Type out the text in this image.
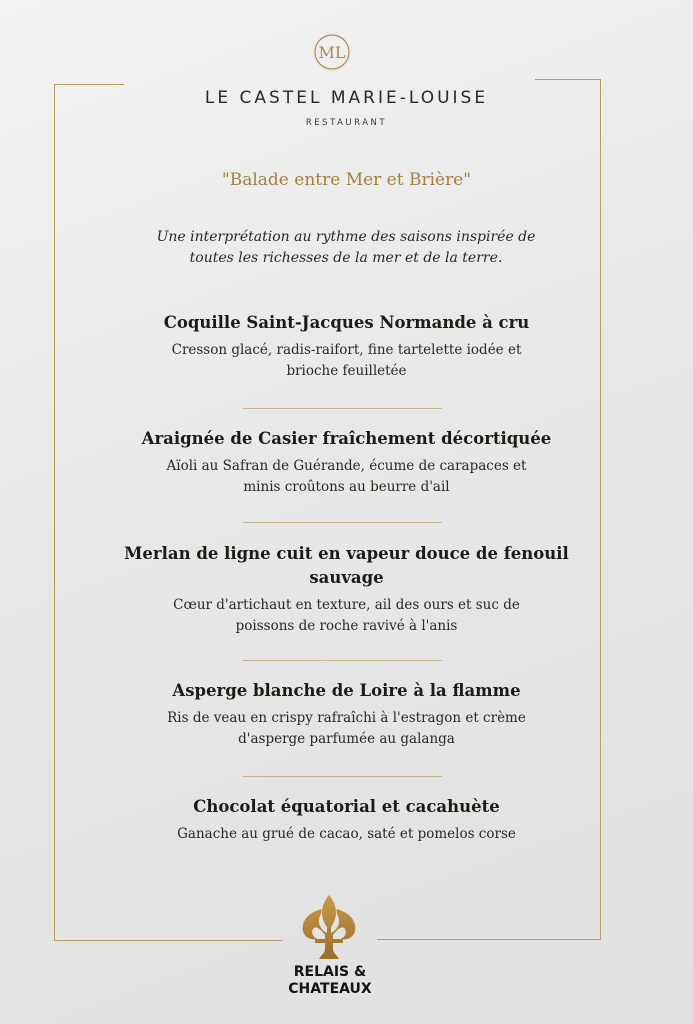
ML
LE CASTEL MARIE-LOUISE
RESTAURANT
"Balade entre Mer et Brière"
Une interprétation au rythme des saisons inspirée de
toutes les richesses de la mer et de la terre.
Coquille Saint-Jacques Normande à cru
Cresson glacé, radis-raifort, fine tartelette iodée et
brioche feuilletée
Araignée de Casier fraîchement décortiquée
Aïoli au Safran de Guérande, écume de carapaces et
minis croûtons au beurre d'ail
Merlan de ligne cuit en vapeur douce de fenouil
sauvage
Cœur d'artichaut en texture, ail des ours et suc de
poissons de roche ravivé à l'anis
Asperge blanche de Loire à la flamme
Ris de veau en crispy rafraîchi à l'estragon et crème
d'asperge parfumée au galanga
Chocolat équatorial et cacahuète
Ganache au grué de cacao, saté et pomelos corse
RELAIS &
CHATEAUX
